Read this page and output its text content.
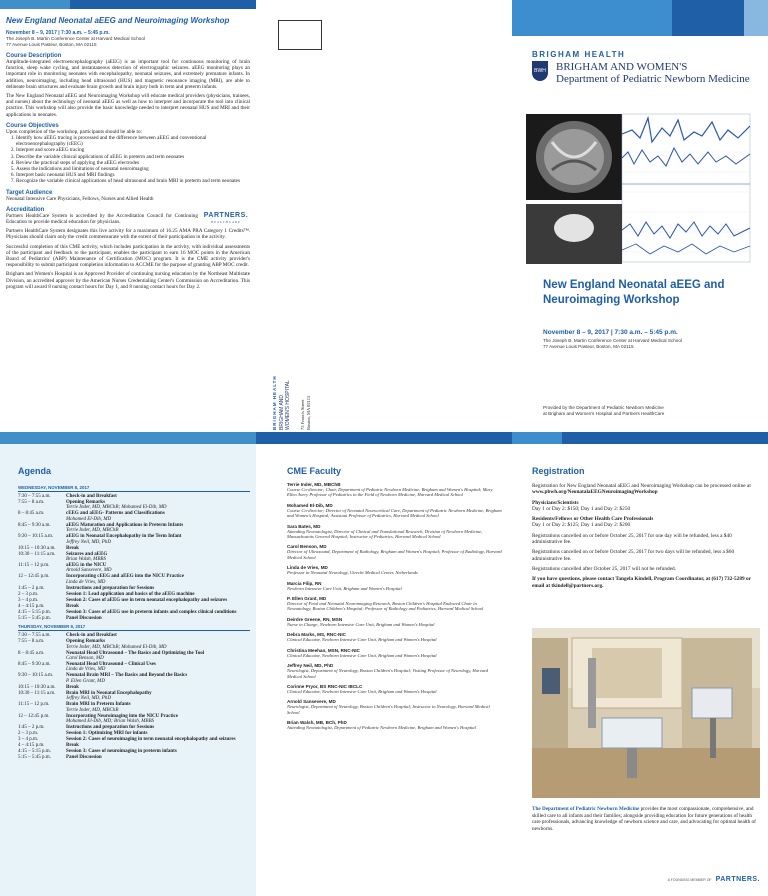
New England Neonatal aEEG and Neuroimaging Workshop
November 8 – 9, 2017 | 7:30 a.m. – 5:45 p.m.
The Joseph B. Martin Conference Center at Harvard Medical School
77 Avenue Louis Pasteur, Boston, MA 02115
Course Description

Amplitude-integrated electroencephalography (aEEG) is an important tool for continuous monitoring of brain function, sleep wake cycling, and instantaneous detection of electrographic seizures. aEEG monitoring plays an important role in monitoring neonates with encephalopathy, neonatal seizures, and extremely premature infants. In addition, neuroimaging, including head ultrasound (HUS) and magnetic resonance imaging (MRI), are able to delineate brain structures and evaluate brain growth and brain injury both in term and preterm infants.

The New England Neonatal aEEG and Neuroimaging Workshop will educate medical providers (physicians, trainees, and nurses) about the technology of neonatal aEEG as well as how to interpret and incorporate the tool into clinical practice. This workshop will also provide the basic knowledge needed to interpret neonatal HUS and MRI and their applications in neonates.

Course Objectives
Upon completion of the workshop, participants should be able to:
1. Identify how aEEG tracing is processed and the difference between aEEG and conventional electroencephalography (cEEG)
2. Interpret and score aEEG tracing
3. Describe the variable clinical applications of aEEG in preterm and term neonates
4. Review the practical steps of applying the aEEG electrodes
5. Assess the indications and limitations of neonatal neuroimaging
6. Interpret basic neonatal HUS and MRI findings
7. Recognize the variable clinical applications of head ultrasound and brain MRI in preterm and term neonates
Target Audience
Neonatal Intensive Care Physicians, Fellows, Nurses and Allied Health
Accreditation
Partners HealthCare System is accredited by the Accreditation Council for Continuing Education to provide medical education for physicians.
PARTNERS.
HEALTHCARE

Partners HealthCare System designates this live activity for a maximum of 16.25 AMA PRA Category 1 Credits™. Physicians should claim only the credit commensurate with the extent of their participation in the activity.

Successful completion of this CME activity, which includes participation in the activity, with individual assessments of the participant and feedback to the participant, enables the participant to earn 16 MOC points in the American Board of Pediatrics' (ABP) Maintenance of Certification (MOC) program. It is the CME activity provider's responsibility to submit participant completion information to ACCME for the purpose of granting ABP MOC credit.

Brigham and Women's Hospital is an Approved Provider of continuing nursing education by the Northeast Multistate Division, an accredited approver by the American Nurses Credentialing Center's Commission on Accreditation. This program will award 8 nursing contact hours for Day 1, and 8 nursing contact hours for Day 2.

BRIGHAM HEALTH BRIGHAM AND WOMEN'S HOSPITAL 75 Francis Street Boston, MA 02115
BRIGHAM HEALTH
BWH BRIGHAM AND WOMEN'S
Department of Pediatric Newborn Medicine
New England Neonatal aEEG and Neuroimaging Workshop
November 8 – 9, 2017 | 7:30 a.m. – 5:45 p.m.
The Joseph B. Martin Conference Center at Harvard Medical School
77 Avenue Louis Pasteur, Boston, MA 02115
Provided by the Department of Pediatric Newborn Medicine
at Brigham and Women's Hospital and Partners HealthCare
Agenda
WEDNESDAY, NOVEMBER 8, 2017
7:30 – 7:55 a.m.	Check-in and Breakfast
7:55 – 8 a.m.	Opening Remarks
Terrie Inder, MD, MBChB; Mohamed El-Dib, MD
8 – 8:45 a.m.	cEEG and aEEG- Patterns and Classifications
Mohamed El-Dib, MD
8:45 – 9:30 a.m.	aEEG Maturation and Applications in Preterm Infants
Terrie Inder, MD, MBChB
9:30 – 10:15 a.m.	aEEG in Neonatal Encephalopathy in the Term Infant
Jeffrey Neil, MD, PhD
10:15 – 10:30 a.m.	Break
10:30 – 11:15 a.m.	Seizures and aEEG
Brian Walsh, MBBS
11:15 – 12 p.m.	aEEG in the NICU
Arnold Sansevere, MD
12 – 12:45 p.m.	Incorporating cEEG and aEEG into the NICU Practice
Linda de Vries, MD
1:45 – 2 p.m.	Instructions and preparation for Sessions
2 – 3 p.m.	Session 1: Lead application and basics of the aEEG machine
3 – 4 p.m.	Session 2: Cases of aEEG use in term neonatal encephalopathy and seizures
4 – 4:15 p.m.	Break
4:15 – 5:15 p.m.	Session 3: Cases of aEEG use in preterm infants and complex clinical conditions
5:15 – 5:45 p.m.	Panel Discussion
THURSDAY, NOVEMBER 9, 2017
7:30 – 7:55 a.m.	Check-in and Breakfast
7:55 – 8 a.m.	Opening Remarks
Terrie Inder, MD, MBChB; Mohamed El-Dib, MD
8 – 8:45 a.m.	Neonatal Head Ultrasound – The Basics and Optimizing the Tool
Carol Benson, MD
8:45 – 9:30 a.m.	Neonatal Head Ultrasound – Clinical Uses
Linda de Vries, MD
9:30 – 10:15 a.m.	Neonatal Brain MRI – The Basics and Beyond the Basics
P. Ellen Grant, MD
10:15 – 10:30 a.m.	Break
10:30 – 11:15 a.m.	Brain MRI in Neonatal Encephalopathy
Jeffrey Neil, MD, PhD
11:15 – 12 p.m.	Brain MRI in Preterm Infants
Terrie Inder, MD, MBChB
12 – 12:45 p.m.	Incorporating Neuroimaging into the NICU Practice
Mohamed El-Dib, MD; Brian Walsh, MBBS
1:45 – 2 p.m.	Instructions and preparation for Sessions
2 – 3 p.m.	Session 1: Optimizing MRI for infants
3 – 4 p.m.	Session 2: Cases of neuroimaging in term neonatal encephalopathy and seizures
4 – 4:15 p.m.	Break
4:15 – 5:15 p.m.	Session 3: Cases of neuroimaging in preterm infants
5:15 – 5:45 p.m.	Panel Discussion
CME Faculty
Terrie Inder, MD, MBChB
Course Co-director; Chair, Department of Pediatric Newborn Medicine, Brigham and Women's Hospital; Mary Ellen Avery Professor of Pediatrics in the Field of Newborn Medicine, Harvard Medical School
Mohamed El-Dib, MD
Course Co-director; Director of Neonatal Neurocritical Care, Department of Pediatric Newborn Medicine, Brigham and Women's Hospital; Assistant Professor of Pediatrics, Harvard Medical School
Sara Bates, MD
Attending Neonatologist, Director of Clinical and Translational Research, Division of Newborn Medicine, Massachusetts General Hospital; Instructor of Pediatrics, Harvard Medical School
Carol Benson, MD
Director of Ultrasound, Department of Radiology, Brigham and Women's Hospital; Professor of Radiology, Harvard Medical School
Linda de Vries, MD
Professor in Neonatal Neurology, Utrecht Medical Center, Netherlands
Marcia Filip, RN
Newborn Intensive Care Unit, Brigham and Women's Hospital
P. Ellen Grant, MD
Director of Fetal and Neonatal Neuroimaging Research, Boston Children's Hospital Endowed Chair in Neonatology, Boston Children's Hospital; Professor of Radiology and Pediatrics, Harvard Medical School
Deirdre Greene, RN, MSN
Nurse in Charge, Newborn Intensive Care Unit, Brigham and Women's Hospital
Debra Marks, MS, RNC-NIC
Clinical Educator, Newborn Intensive Care Unit, Brigham and Women's Hospital
Christina Meehan, MSN, RNC-NIC
Clinical Educator, Newborn Intensive Care Unit, Brigham and Women's Hospital
Jeffrey Neil, MD, PhD
Neurologist, Department of Neurology, Boston Children's Hospital; Visiting Professor of Neurology, Harvard Medical School
Corinne Pryor, BS RNC-NIC IBCLC
Clinical Educator, Newborn Intensive Care Unit, Brigham and Women's Hospital
Arnold Sansevere, MD
Neurologist, Department of Neurology, Boston Children's Hospital; Instructor in Neurology, Harvard Medical School
Brian Walsh, MB, BCh, PhD
Attending Neonatologist, Department of Pediatric Newborn Medicine, Brigham and Women's Hospital
Registration

Registration for New England Neonatal aEEG and Neuroimaging Workshop can be processed online at
www.pbwh.org/NeonatalaEEGNeuroimagingWorkshop

Physicians/Scientists
Day 1 or Day 2: $150; Day 1 and Day 2: $250

Residents/Fellows or Other Health Care Professionals
Day 1 or Day 2: $125; Day 1 and Day 2: $200

Registrations cancelled on or before October 25, 2017 for one day will be refunded, less a $40 administrative fee.

Registrations cancelled on or before October 25, 2017 for two days will be refunded, less a $60 administrative fee.

Registrations cancelled after October 25, 2017 will not be refunded.

If you have questions, please contact Tangela Kindell, Program Coordinator, at (617) 732-5289 or email at tkindell@partners.org.

The Department of Pediatric Newborn Medicine provides the most compassionate, comprehensive, and skilled care to all infants and their families; alongside providing education for future generations of health care professionals, advancing knowledge of newborn science and care, and advocating for optimal health of newborns.
A FOUNDING MEMBER OF PARTNERS.
